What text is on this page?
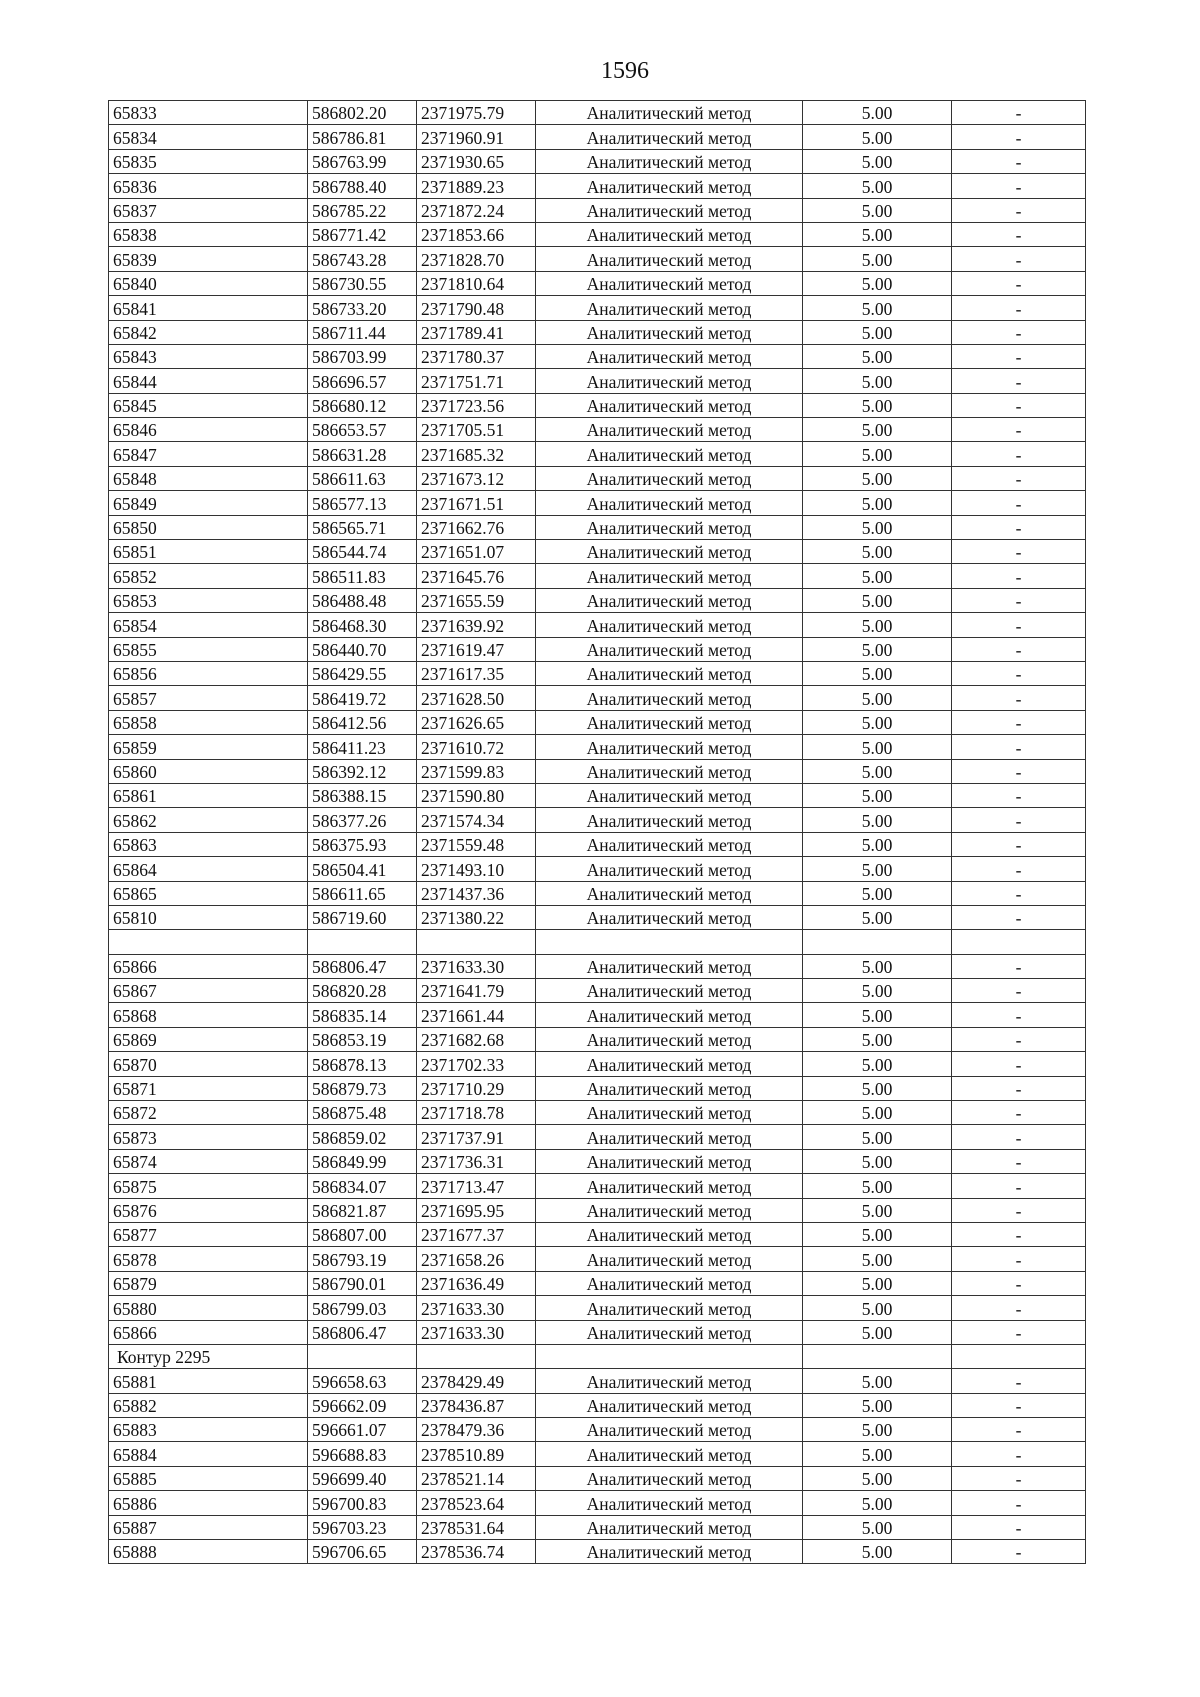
1596
65833	586802.20	2371975.79	Аналитический метод	5.00	-
65834	586786.81	2371960.91	Аналитический метод	5.00	-
65835	586763.99	2371930.65	Аналитический метод	5.00	-
65836	586788.40	2371889.23	Аналитический метод	5.00	-
65837	586785.22	2371872.24	Аналитический метод	5.00	-
65838	586771.42	2371853.66	Аналитический метод	5.00	-
65839	586743.28	2371828.70	Аналитический метод	5.00	-
65840	586730.55	2371810.64	Аналитический метод	5.00	-
65841	586733.20	2371790.48	Аналитический метод	5.00	-
65842	586711.44	2371789.41	Аналитический метод	5.00	-
65843	586703.99	2371780.37	Аналитический метод	5.00	-
65844	586696.57	2371751.71	Аналитический метод	5.00	-
65845	586680.12	2371723.56	Аналитический метод	5.00	-
65846	586653.57	2371705.51	Аналитический метод	5.00	-
65847	586631.28	2371685.32	Аналитический метод	5.00	-
65848	586611.63	2371673.12	Аналитический метод	5.00	-
65849	586577.13	2371671.51	Аналитический метод	5.00	-
65850	586565.71	2371662.76	Аналитический метод	5.00	-
65851	586544.74	2371651.07	Аналитический метод	5.00	-
65852	586511.83	2371645.76	Аналитический метод	5.00	-
65853	586488.48	2371655.59	Аналитический метод	5.00	-
65854	586468.30	2371639.92	Аналитический метод	5.00	-
65855	586440.70	2371619.47	Аналитический метод	5.00	-
65856	586429.55	2371617.35	Аналитический метод	5.00	-
65857	586419.72	2371628.50	Аналитический метод	5.00	-
65858	586412.56	2371626.65	Аналитический метод	5.00	-
65859	586411.23	2371610.72	Аналитический метод	5.00	-
65860	586392.12	2371599.83	Аналитический метод	5.00	-
65861	586388.15	2371590.80	Аналитический метод	5.00	-
65862	586377.26	2371574.34	Аналитический метод	5.00	-
65863	586375.93	2371559.48	Аналитический метод	5.00	-
65864	586504.41	2371493.10	Аналитический метод	5.00	-
65865	586611.65	2371437.36	Аналитический метод	5.00	-
65810	586719.60	2371380.22	Аналитический метод	5.00	-

65866	586806.47	2371633.30	Аналитический метод	5.00	-
65867	586820.28	2371641.79	Аналитический метод	5.00	-
65868	586835.14	2371661.44	Аналитический метод	5.00	-
65869	586853.19	2371682.68	Аналитический метод	5.00	-
65870	586878.13	2371702.33	Аналитический метод	5.00	-
65871	586879.73	2371710.29	Аналитический метод	5.00	-
65872	586875.48	2371718.78	Аналитический метод	5.00	-
65873	586859.02	2371737.91	Аналитический метод	5.00	-
65874	586849.99	2371736.31	Аналитический метод	5.00	-
65875	586834.07	2371713.47	Аналитический метод	5.00	-
65876	586821.87	2371695.95	Аналитический метод	5.00	-
65877	586807.00	2371677.37	Аналитический метод	5.00	-
65878	586793.19	2371658.26	Аналитический метод	5.00	-
65879	586790.01	2371636.49	Аналитический метод	5.00	-
65880	586799.03	2371633.30	Аналитический метод	5.00	-
65866	586806.47	2371633.30	Аналитический метод	5.00	-
Контур 2295					
65881	596658.63	2378429.49	Аналитический метод	5.00	-
65882	596662.09	2378436.87	Аналитический метод	5.00	-
65883	596661.07	2378479.36	Аналитический метод	5.00	-
65884	596688.83	2378510.89	Аналитический метод	5.00	-
65885	596699.40	2378521.14	Аналитический метод	5.00	-
65886	596700.83	2378523.64	Аналитический метод	5.00	-
65887	596703.23	2378531.64	Аналитический метод	5.00	-
65888	596706.65	2378536.74	Аналитический метод	5.00	-
